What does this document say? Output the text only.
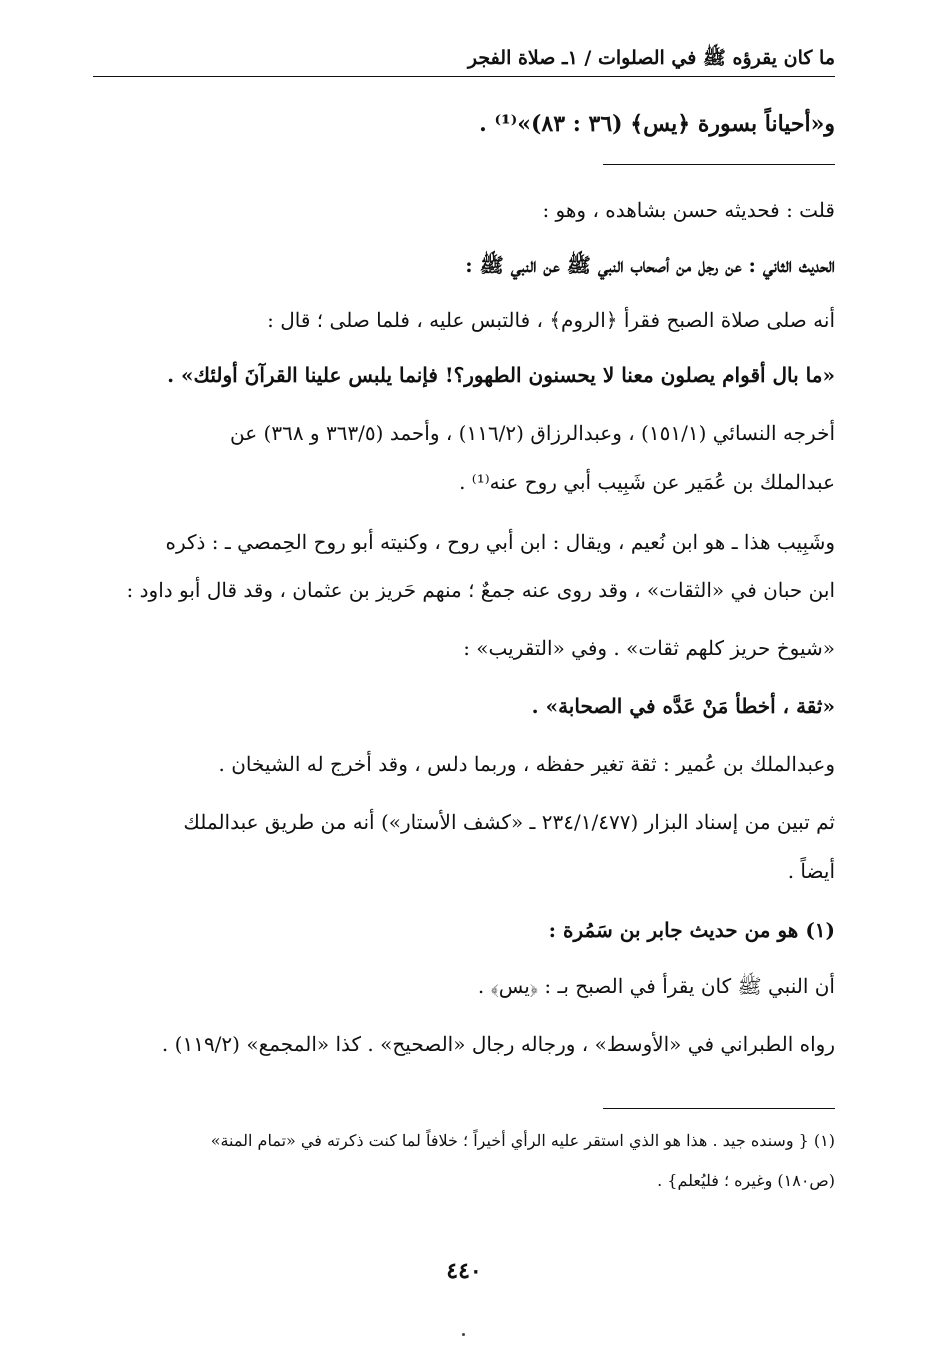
ما كان يقرؤه ﷺ في الصلوات / ١ـ صلاة الفجر
و«أحياناً بسورة ﴿يس﴾ (٣٦ : ٨٣)»⁽¹⁾ .
قلت : فحديثه حسن بشاهده ، وهو :
الحديث الثاني : عن رجل من أصحاب النبي ﷺ عن النبي ﷺ :
أنه صلى صلاة الصبح فقرأ ﴿الروم﴾ ، فالتبس عليه ، فلما صلى ؛ قال :
«ما بال أقوام يصلون معنا لا يحسنون الطهور؟! فإنما يلبس علينا القرآنَ أولئك» .
أخرجه النسائي (١٥١/١) ، وعبدالرزاق (١١٦/٢) ، وأحمد (٣٦٣/٥ و ٣٦٨) عن
عبدالملك بن عُمَير عن شَبِيب أبي روح عنه⁽¹⁾ .
وشَبِيب هذا ـ هو ابن نُعيم ، ويقال : ابن أبي روح ، وكنيته أبو روح الحِمصي ـ : ذكره
ابن حبان في «الثقات» ، وقد روى عنه جمعٌ ؛ منهم حَريز بن عثمان ، وقد قال أبو داود :
«شيوخ حريز كلهم ثقات» . وفي «التقريب» :
«ثقة ، أخطأ مَنْ عَدَّه في الصحابة» .
وعبدالملك بن عُمير : ثقة تغير حفظه ، وربما دلس ، وقد أخرج له الشيخان .
ثم تبين من إسناد البزار (٢٣٤/١/٤٧٧ ـ «كشف الأستار») أنه من طريق عبدالملك
أيضاً .
(١) هو من حديث جابر بن سَمُرة :
أن النبي ﷺ كان يقرأ في الصبح بـ : ﴿يس﴾ .
رواه الطبراني في «الأوسط» ، ورجاله رجال «الصحيح» . كذا «المجمع» (١١٩/٢) .
(١) { وسنده جيد . هذا هو الذي استقر عليه الرأي أخيراً ؛ خلافاً لما كنت ذكرته في «تمام المنة»
(ص١٨٠) وغيره ؛ فليُعلم} .
٤٤٠
